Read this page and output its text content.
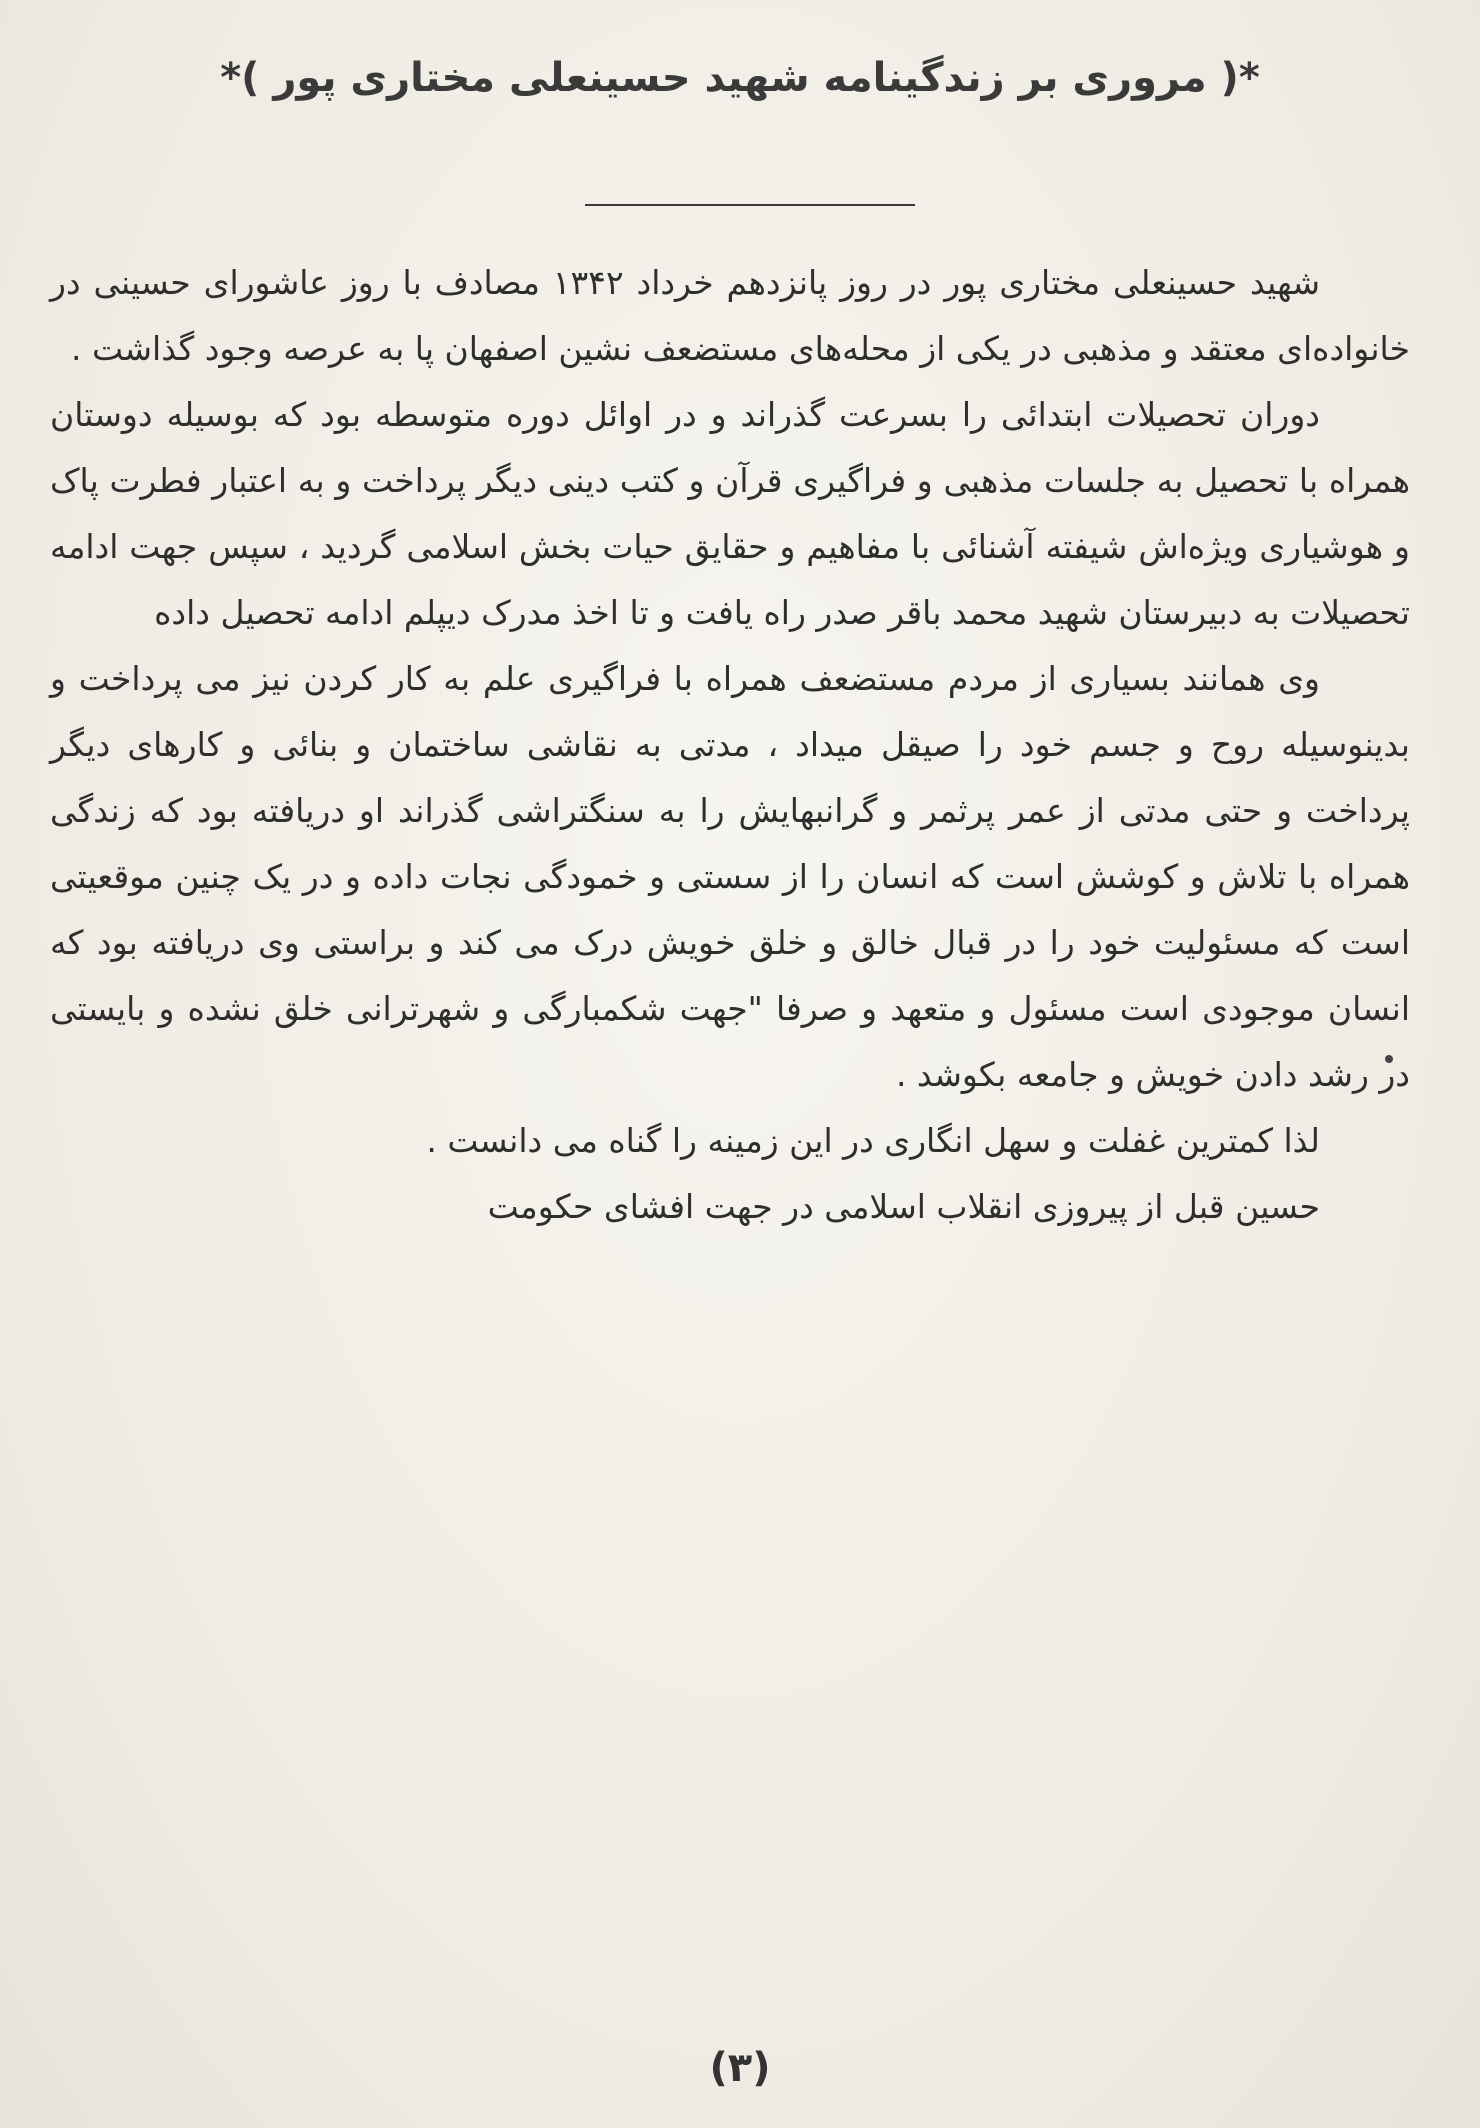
*( مروری بر زندگینامه شهید حسینعلی مختاری پور )*

شهید حسینعلی مختاری پور در روز پانزدهم خرداد ۱۳۴۲ مصادف با روز عاشورای حسینی در خانواده‌ای معتقد و مذهبی در یکی از محله‌های مستضعف نشین اصفهان پا به عرصه وجود گذاشت .

دوران تحصیلات ابتدائی را بسرعت گذراند و در اوائل دوره متوسطه بود که بوسیله دوستان همراه با تحصیل به جلسات مذهبی و فراگیری قرآن و کتب دینی دیگر پرداخت و به اعتبار فطرت پاک و هوشیاری ویژه‌اش شیفته آشنائی با مفاهیم و حقایق حیات بخش اسلامی گردید ، سپس جهت ادامه تحصیلات به دبیرستان شهید محمد باقر صدر راه یافت و تا اخذ مدرک دیپلم ادامه تحصیل داده

وی همانند بسیاری از مردم مستضعف همراه با فراگیری علم به کار کردن نیز می پرداخت و بدینوسیله روح و جسم خود را صیقل میداد ، مدتی به نقاشی ساختمان و بنائی و کارهای دیگر پرداخت و حتی مدتی از عمر پرثمر و گرانبهایش را به سنگتراشی گذراند او دریافته بود که زندگی همراه با تلاش و کوشش است که انسان را از سستی و خمودگی نجات داده و در یک چنین موقعیتی است که مسئولیت خود را در قبال خالق و خلق خویش درک می کند و براستی وی دریافته بود که انسان موجودی است مسئول و متعهد و صرفا "جهت شکمبارگی و شهرترانی خلق نشده و بایستی در رشد دادن خویش و جامعه بکوشد .

لذا کمترین غفلت و سهل انگاری در این زمینه را گناه می دانست .

حسین قبل از پیروزی انقلاب اسلامی در جهت افشای حکومت

(۳)
